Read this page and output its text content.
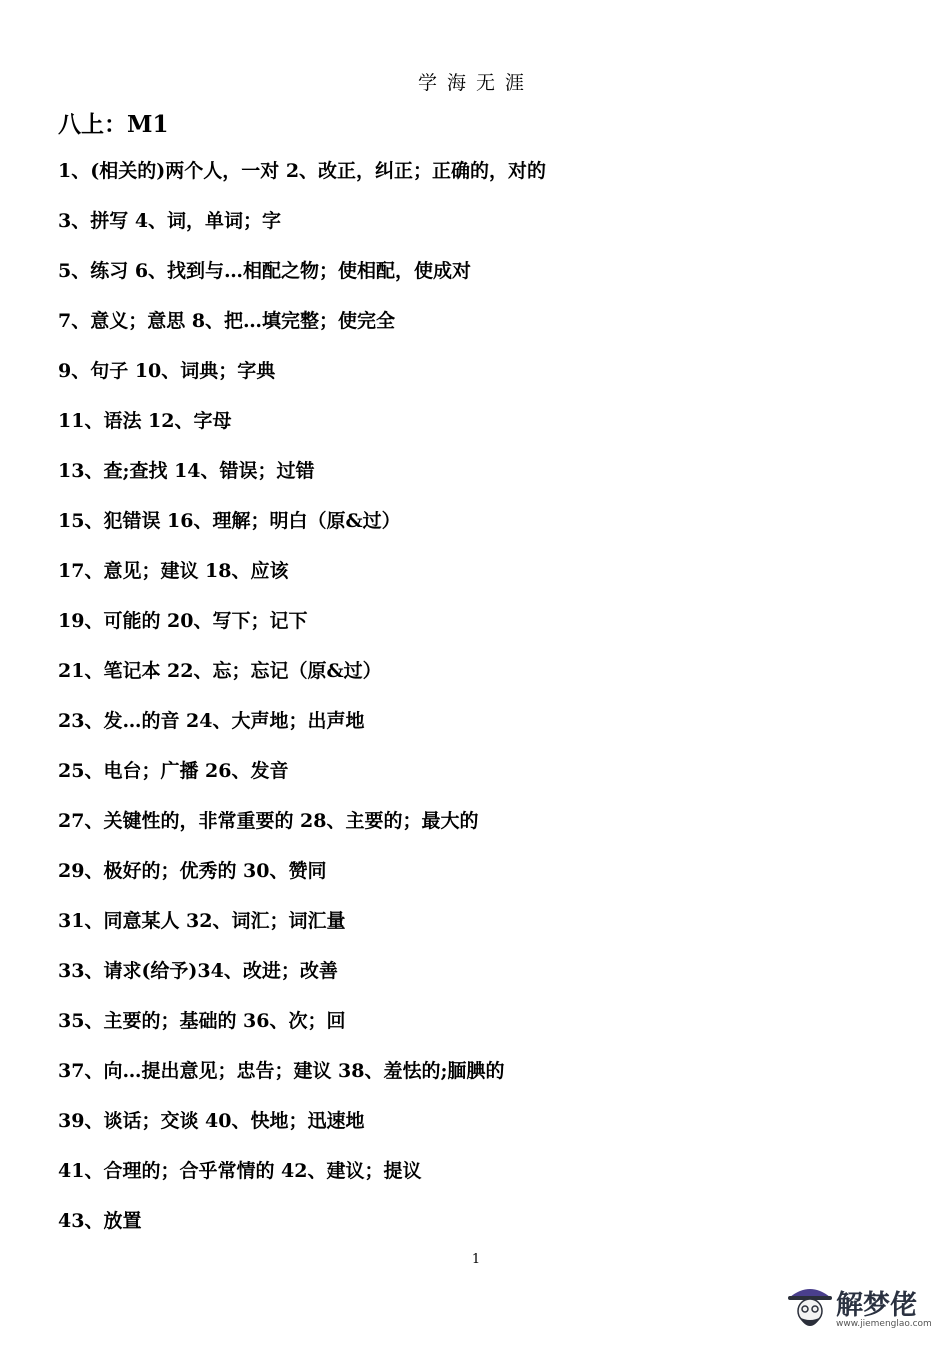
学海无涯
八上：M1
1、(相关的)两个人，一对 2、改正，纠正；正确的，对的
3、拼写 4、词，单词；字
5、练习 6、找到与…相配之物；使相配，使成对
7、意义；意思 8、把…填完整；使完全
9、句子 10、词典；字典
11、语法 12、字母
13、查;查找 14、错误；过错
15、犯错误 16、理解；明白（原&过）
17、意见；建议 18、应该
19、可能的 20、写下；记下
21、笔记本 22、忘；忘记（原&过）
23、发…的音 24、大声地；出声地
25、电台；广播 26、发音
27、关键性的，非常重要的 28、主要的；最大的
29、极好的；优秀的 30、赞同
31、同意某人 32、词汇；词汇量
33、请求(给予)34、改进；改善
35、主要的；基础的 36、次；回
37、向…提出意见；忠告；建议 38、羞怯的;腼腆的
39、谈话；交谈 40、快地；迅速地
41、合理的；合乎常情的 42、建议；提议
43、放置
1
解梦佬
www.jiemenglao.com
